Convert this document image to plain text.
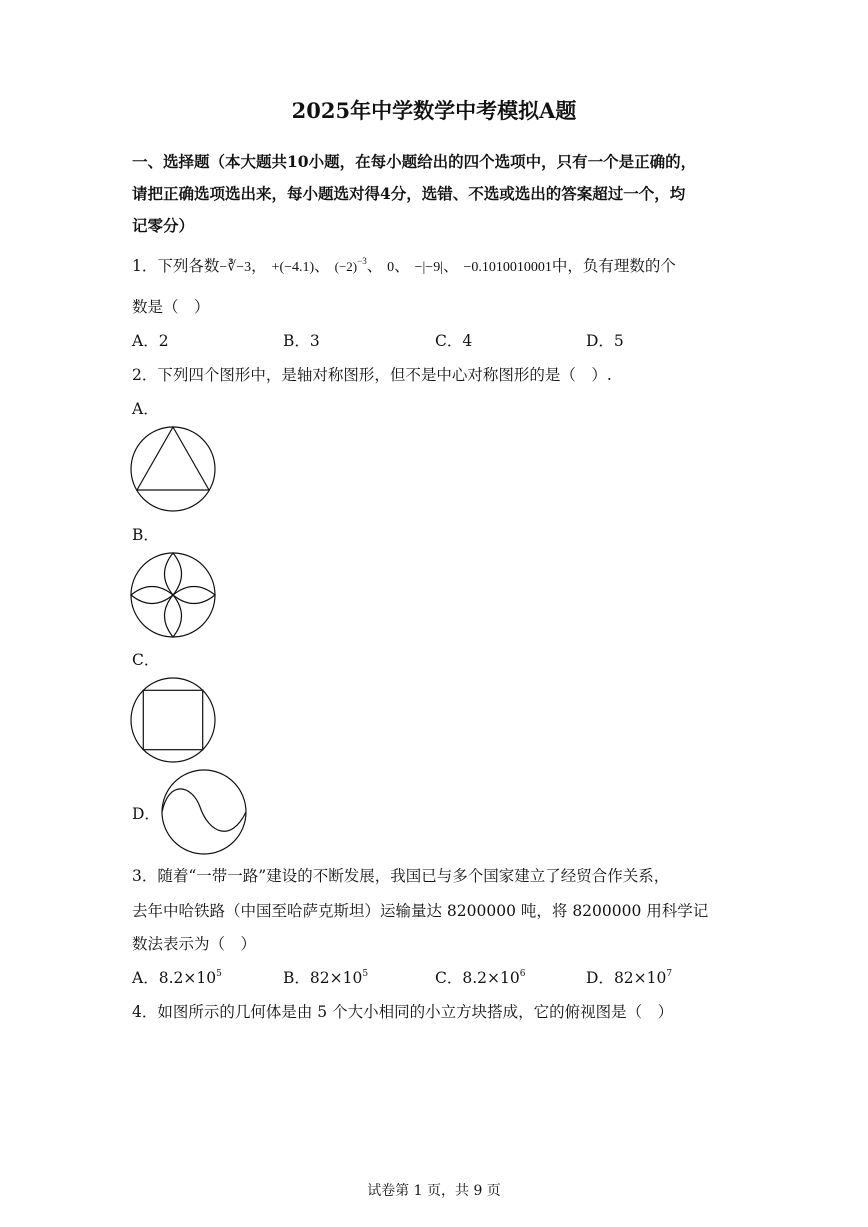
2025年中学数学中考模拟A题
一、选择题（本大题共10小题，在每小题给出的四个选项中，只有一个是正确的，
请把正确选项选出来，每小题选对得4分，选错、不选或选出的答案超过一个，均
记零分）
1．下列各数−∛−3， +(−4.1)、 $(-2)^{-3}$、 0、 −|−9|、 −0.1010010001中，负有理数的个
数是（　）
A．2	B．3	C．4	D．5
2．下列四个图形中，是轴对称图形，但不是中心对称图形的是（　）.
A．
B．
C．
D．
3．随着“一带一路”建设的不断发展，我国已与多个国家建立了经贸合作关系，
去年中哈铁路（中国至哈萨克斯坦）运输量达 8200000 吨，将 8200000 用科学记
数法表示为（　）
A．$8.2\times 10^5$	B．$82\times 10^5$	C．$8.2\times 10^6$	D．$82\times 10^7$
4．如图所示的几何体是由 5 个大小相同的小立方块搭成，它的俯视图是（　）
试卷第 1 页，共 9 页
